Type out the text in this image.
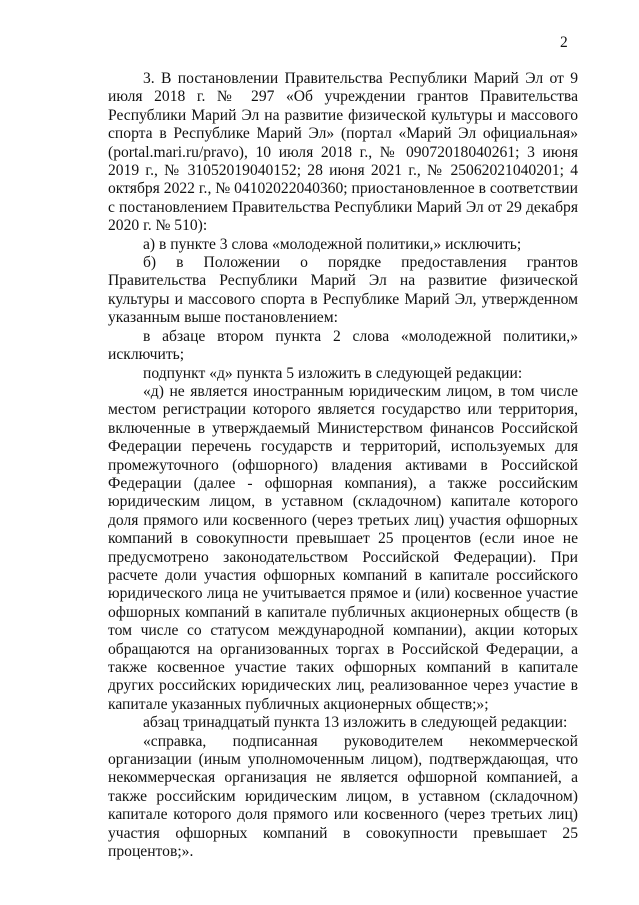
2

3. В постановлении Правительства Республики Марий Эл от 9 июля 2018 г. № 297 «Об учреждении грантов Правительства Республики Марий Эл на развитие физической культуры и массового спорта в Республике Марий Эл» (портал «Марий Эл официальная» (portal.mari.ru/pravo), 10 июля 2018 г., № 09072018040261; 3 июня 2019 г., № 31052019040152; 28 июня 2021 г., № 25062021040201; 4 октября 2022 г., № 04102022040360; приостановленное в соответствии с постановлением Правительства Республики Марий Эл от 29 декабря 2020 г. № 510):

а) в пункте 3 слова «молодежной политики,» исключить;

б) в Положении о порядке предоставления грантов Правительства Республики Марий Эл на развитие физической культуры и массового спорта в Республике Марий Эл, утвержденном указанным выше постановлением:

в абзаце втором пункта 2 слова «молодежной политики,» исключить;

подпункт «д» пункта 5 изложить в следующей редакции:

«д) не является иностранным юридическим лицом, в том числе местом регистрации которого является государство или территория, включенные в утверждаемый Министерством финансов Российской Федерации перечень государств и территорий, используемых для промежуточного (офшорного) владения активами в Российской Федерации (далее - офшорная компания), а также российским юридическим лицом, в уставном (складочном) капитале которого доля прямого или косвенного (через третьих лиц) участия офшорных компаний в совокупности превышает 25 процентов (если иное не предусмотрено законодательством Российской Федерации). При расчете доли участия офшорных компаний в капитале российского юридического лица не учитывается прямое и (или) косвенное участие офшорных компаний в капитале публичных акционерных обществ (в том числе со статусом международной компании), акции которых обращаются на организованных торгах в Российской Федерации, а также косвенное участие таких офшорных компаний в капитале других российских юридических лиц, реализованное через участие в капитале указанных публичных акционерных обществ;»;

абзац тринадцатый пункта 13 изложить в следующей редакции:

«справка, подписанная руководителем некоммерческой организации (иным уполномоченным лицом), подтверждающая, что некоммерческая организация не является офшорной компанией, а также российским юридическим лицом, в уставном (складочном) капитале которого доля прямого или косвенного (через третьих лиц) участия офшорных компаний в совокупности превышает 25 процентов;».
